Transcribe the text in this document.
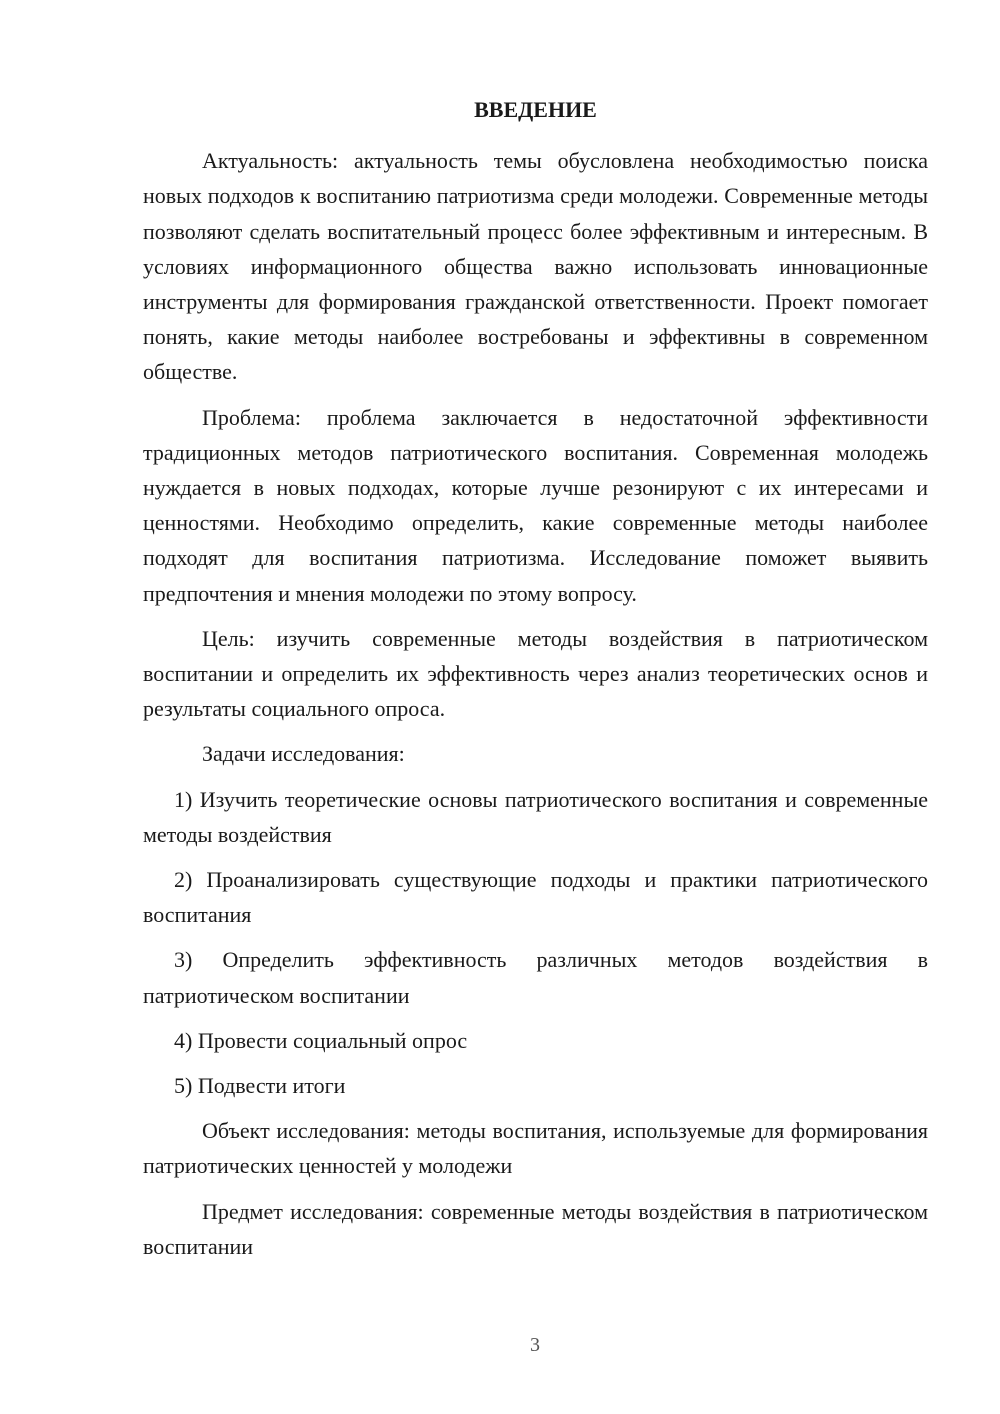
ВВЕДЕНИЕ

Актуальность: актуальность темы обусловлена необходимостью поиска новых подходов к воспитанию патриотизма среди молодежи. Современные методы позволяют сделать воспитательный процесс более эффективным и интересным. В условиях информационного общества важно использовать инновационные инструменты для формирования гражданской ответственности. Проект помогает понять, какие методы наиболее востребованы и эффективны в современном обществе.

Проблема: проблема заключается в недостаточной эффективности традиционных методов патриотического воспитания. Современная молодежь нуждается в новых подходах, которые лучше резонируют с их интересами и ценностями. Необходимо определить, какие современные методы наиболее подходят для воспитания патриотизма. Исследование поможет выявить предпочтения и мнения молодежи по этому вопросу.

Цель: изучить современные методы воздействия в патриотическом воспитании и определить их эффективность через анализ теоретических основ и результаты социального опроса.

Задачи исследования:

1) Изучить теоретические основы патриотического воспитания и современные методы воздействия

2) Проанализировать существующие подходы и практики патриотического воспитания

3) Определить эффективность различных методов воздействия в патриотическом воспитании

4) Провести социальный опрос

5) Подвести итоги

Объект исследования: методы воспитания, используемые для формирования патриотических ценностей у молодежи

Предмет исследования: современные методы воздействия в патриотическом воспитании

3
